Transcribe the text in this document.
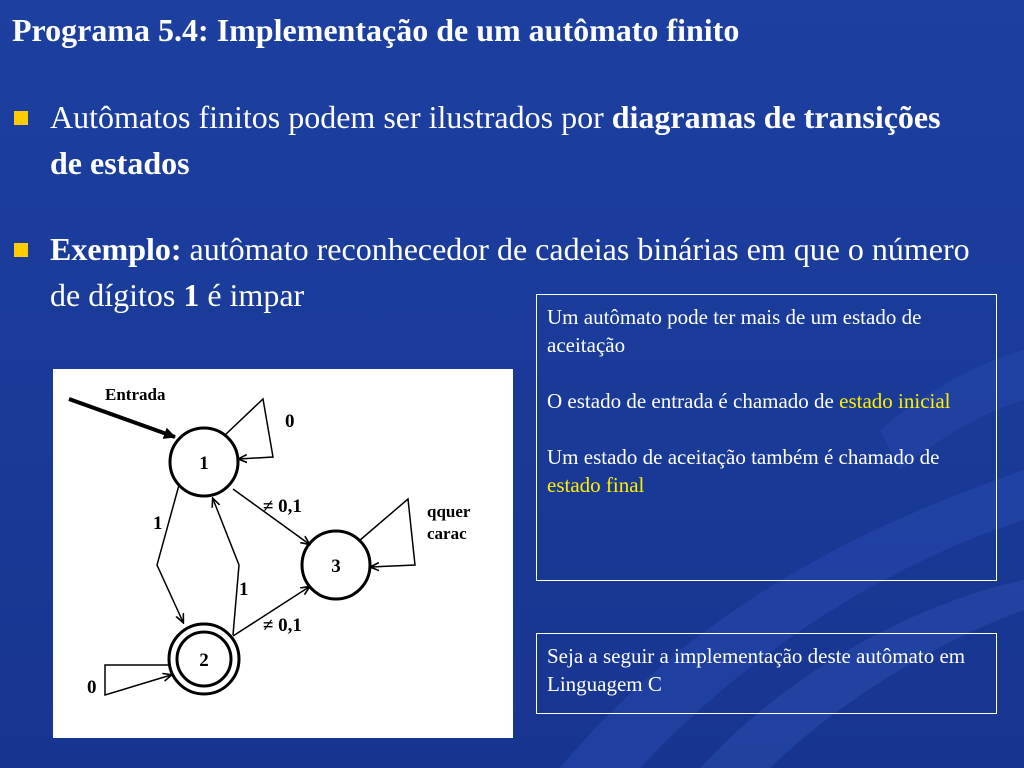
Programa 5.4: Implementação de um autômato finito
Autômatos finitos podem ser ilustrados por diagramas de transições de estados
Exemplo: autômato reconhecedor de cadeias binárias em que o número de dígitos 1 é impar
Entrada
1
3
2
0
1
1
≠ 0,1
≠ 0,1
0
qquer
carac
Um autômato pode ter mais de um estado de aceitação
O estado de entrada é chamado de estado inicial
Um estado de aceitação também é chamado de estado final
Seja a seguir a implementação deste autômato em Linguagem C
